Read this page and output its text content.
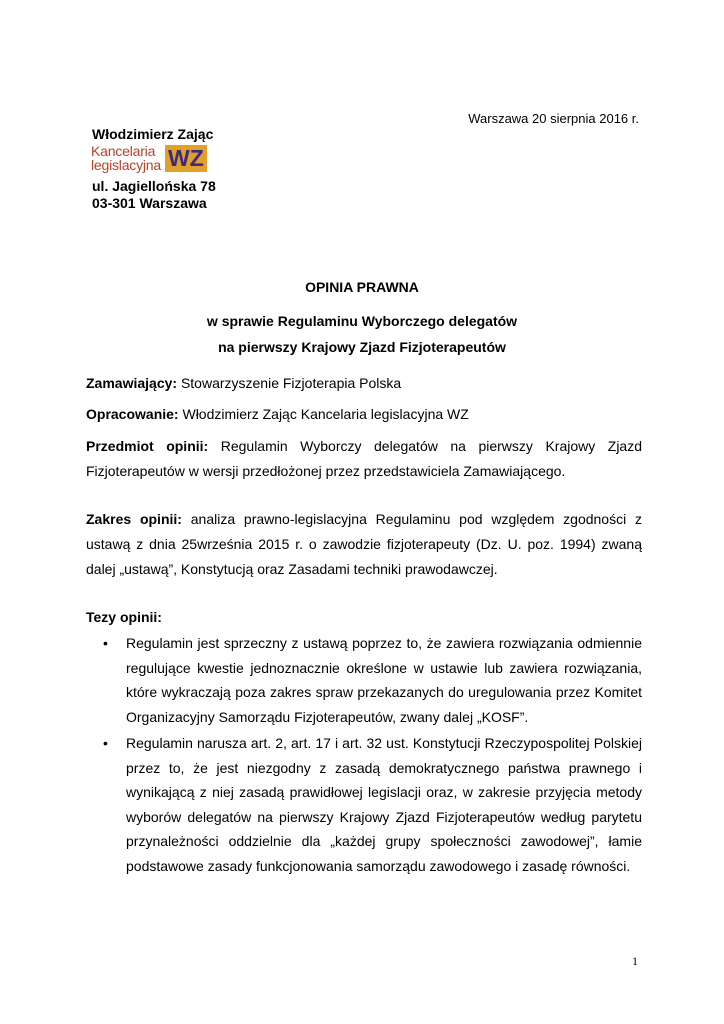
Warszawa 20 sierpnia 2016 r.
Włodzimierz Zając
Kancelaria
legislacyjna WZ
ul. Jagiellońska 78
03-301 Warszawa
OPINIA PRAWNA
w sprawie Regulaminu Wyborczego delegatów
na pierwszy Krajowy Zjazd Fizjoterapeutów
Zamawiający: Stowarzyszenie Fizjoterapia Polska
Opracowanie: Włodzimierz Zając Kancelaria legislacyjna WZ
Przedmiot opinii: Regulamin Wyborczy delegatów na pierwszy Krajowy Zjazd Fizjoterapeutów w wersji przedłożonej przez przedstawiciela Zamawiającego.
Zakres opinii: analiza prawno-legislacyjna Regulaminu pod względem zgodności z ustawą z dnia 25września 2015 r. o zawodzie fizjoterapeuty (Dz. U. poz. 1994) zwaną dalej „ustawą”, Konstytucją oraz Zasadami techniki prawodawczej.
Tezy opinii:
• Regulamin jest sprzeczny z ustawą poprzez to, że zawiera rozwiązania odmiennie regulujące kwestie jednoznacznie określone w ustawie lub zawiera rozwiązania, które wykraczają poza zakres spraw przekazanych do uregulowania przez Komitet Organizacyjny Samorządu Fizjoterapeutów, zwany dalej „KOSF”.
• Regulamin narusza art. 2, art. 17 i art. 32 ust. Konstytucji Rzeczypospolitej Polskiej przez to, że jest niezgodny z zasadą demokratycznego państwa prawnego i wynikającą z niej zasadą prawidłowej legislacji oraz, w zakresie przyjęcia metody wyborów delegatów na pierwszy Krajowy Zjazd Fizjoterapeutów według parytetu przynależności oddzielnie dla „każdej grupy społeczności zawodowej”, łamie podstawowe zasady funkcjonowania samorządu zawodowego i zasadę równości.
1
